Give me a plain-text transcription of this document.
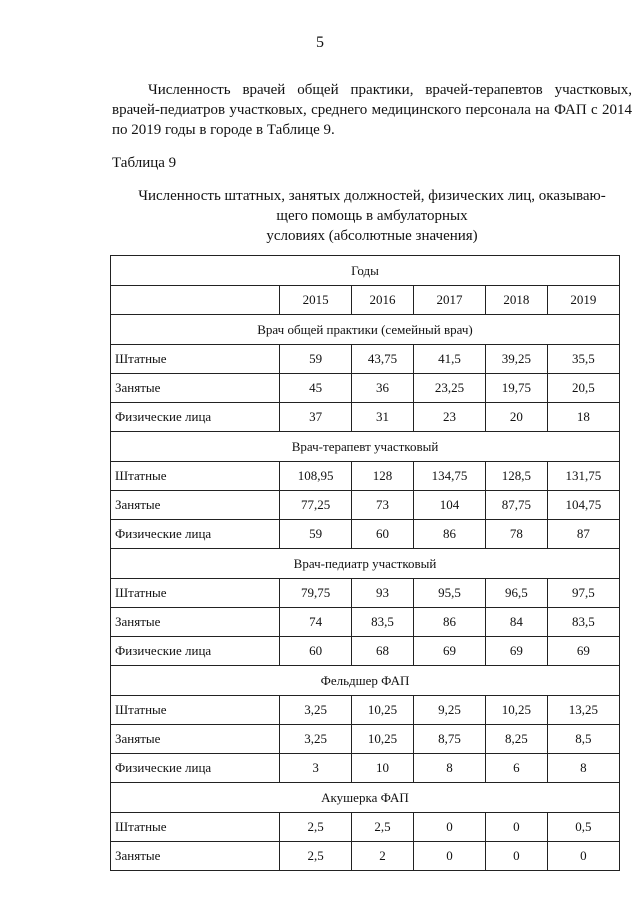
5

Численность врачей общей практики, врачей-терапевтов участковых, врачей-педиатров участковых, среднего медицинского персонала на ФАП с 2014 по 2019 годы в городе в Таблице 9.

Таблица 9
Численность штатных, занятых должностей, физических лиц, оказываю-
щего помощь в амбулаторных
условиях (абсолютные значения)
Годы					
	2015	2016	2017	2018	2019
Врач общей практики (семейный врач)					
Штатные	59	43,75	41,5	39,25	35,5
Занятые	45	36	23,25	19,75	20,5
Физические лица	37	31	23	20	18
Врач-терапевт участковый					
Штатные	108,95	128	134,75	128,5	131,75
Занятые	77,25	73	104	87,75	104,75
Физические лица	59	60	86	78	87
Врач-педиатр участковый					
Штатные	79,75	93	95,5	96,5	97,5
Занятые	74	83,5	86	84	83,5
Физические лица	60	68	69	69	69
Фельдшер ФАП					
Штатные	3,25	10,25	9,25	10,25	13,25
Занятые	3,25	10,25	8,75	8,25	8,5
Физические лица	3	10	8	6	8
Акушерка ФАП					
Штатные	2,5	2,5	0	0	0,5
Занятые	2,5	2	0	0	0
